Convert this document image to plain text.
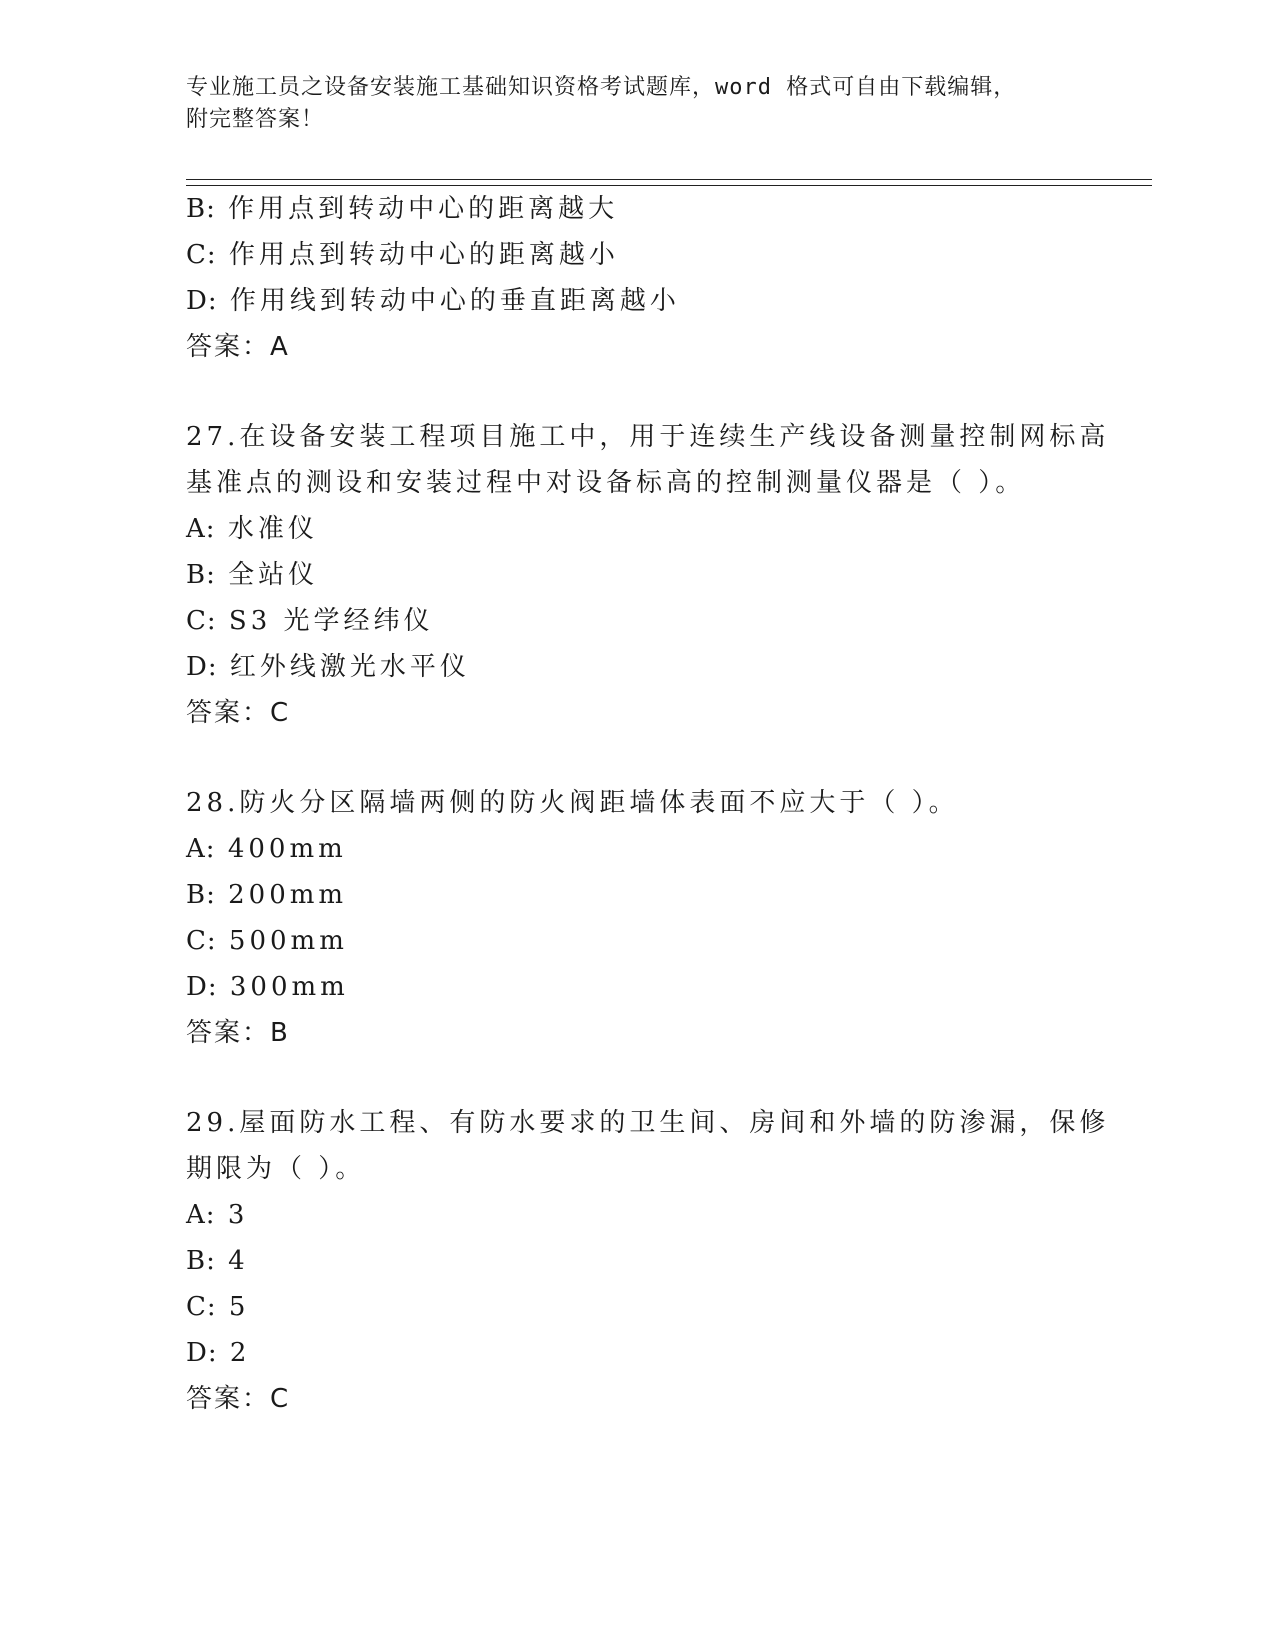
专业施工员之设备安装施工基础知识资格考试题库，word 格式可自由下载编辑，
附完整答案！
B: 作用点到转动中心的距离越大
C: 作用点到转动中心的距离越小
D: 作用线到转动中心的垂直距离越小
答案：A
27.在设备安装工程项目施工中，用于连续生产线设备测量控制网标高
基准点的测设和安装过程中对设备标高的控制测量仪器是（ ）。
A: 水准仪
B: 全站仪
C: S3 光学经纬仪
D: 红外线激光水平仪
答案：C
28.防火分区隔墙两侧的防火阀距墙体表面不应大于（ ）。
A: 400mm
B: 200mm
C: 500mm
D: 300mm
答案：B
29.屋面防水工程、有防水要求的卫生间、房间和外墙的防渗漏，保修
期限为（ ）。
A: 3
B: 4
C: 5
D: 2
答案：C
